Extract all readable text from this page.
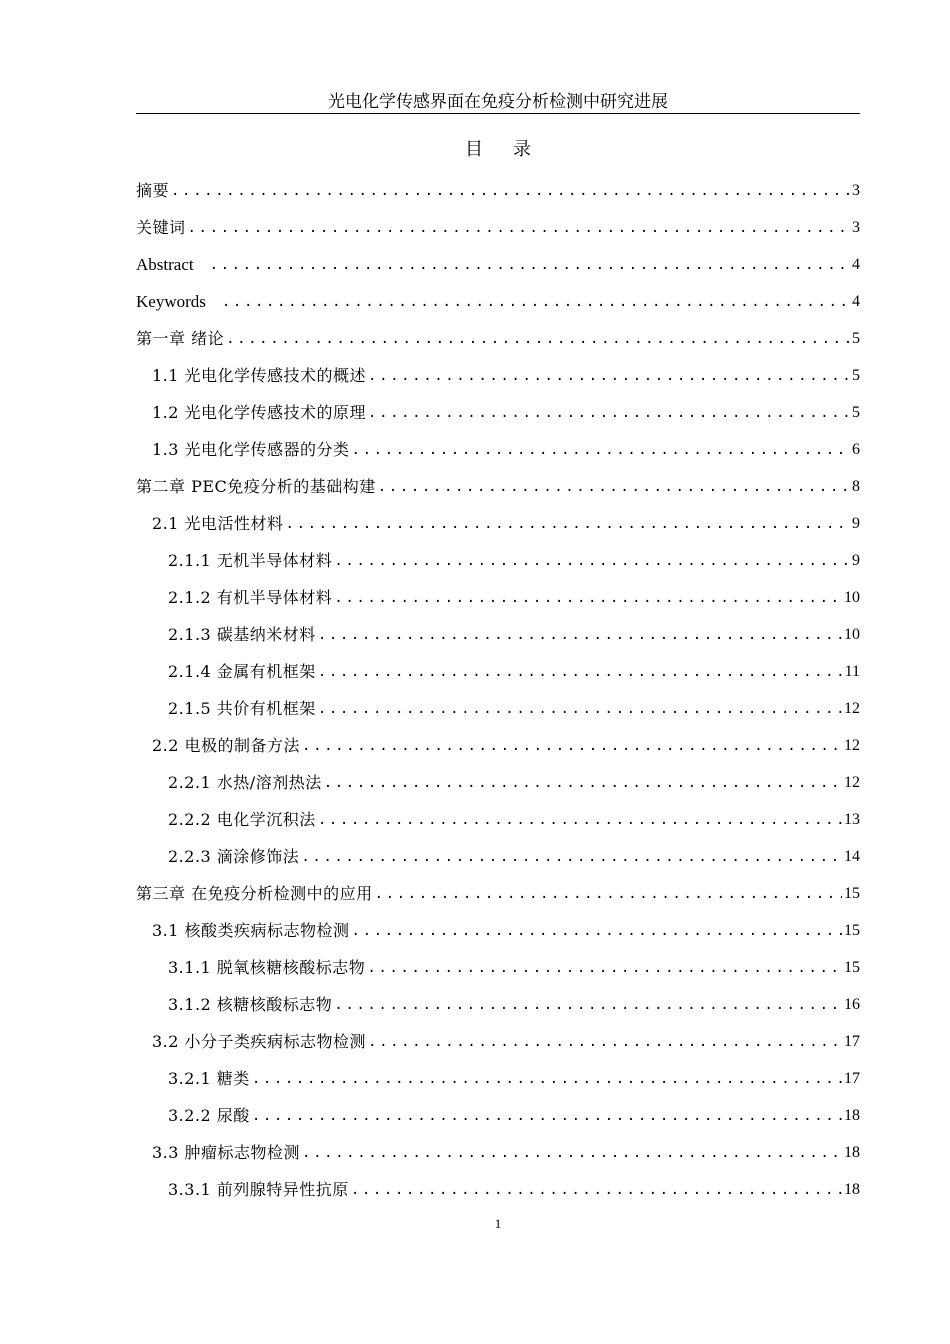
光电化学传感界面在免疫分析检测中研究进展
目录
摘要 .....	3
关键词 .....	3
Abstract .....	4
Keywords .....	4
第一章 绪论 .....	5
1.1 光电化学传感技术的概述 .....	5
1.2 光电化学传感技术的原理 .....	5
1.3 光电化学传感器的分类 .....	6
第二章 PEC免疫分析的基础构建 .....	8
2.1 光电活性材料 .....	9
2.1.1 无机半导体材料 .....	9
2.1.2 有机半导体材料 .....	10
2.1.3 碳基纳米材料 .....	10
2.1.4 金属有机框架 .....	11
2.1.5 共价有机框架 .....	12
2.2 电极的制备方法 .....	12
2.2.1 水热/溶剂热法 .....	12
2.2.2 电化学沉积法 .....	13
2.2.3 滴涂修饰法 .....	14
第三章 在免疫分析检测中的应用 .....	15
3.1 核酸类疾病标志物检测 .....	15
3.1.1 脱氧核糖核酸标志物 .....	15
3.1.2 核糖核酸标志物 .....	16
3.2 小分子类疾病标志物检测 .....	17
3.2.1 糖类 .....	17
3.2.2 尿酸 .....	18
3.3 肿瘤标志物检测 .....	18
3.3.1 前列腺特异性抗原 .....	18
1
